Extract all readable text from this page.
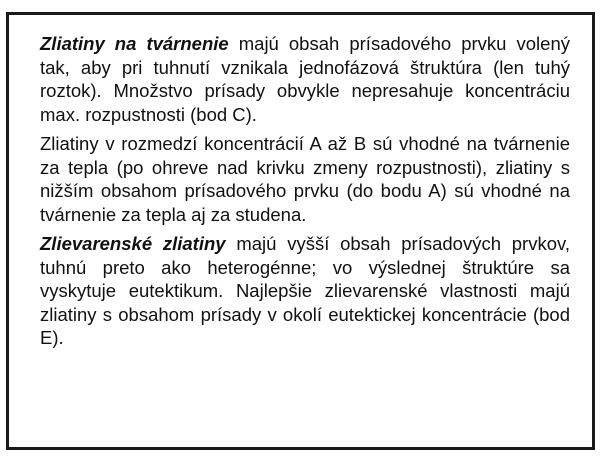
Zliatiny na tvárnenie majú obsah prísadového prvku volený tak, aby pri tuhnutí vznikala jednofázová štruktúra (len tuhý roztok). Množstvo prísady obvykle nepresahuje koncentráciu max. rozpustnosti (bod C).

Zliatiny v rozmedzí koncentrácií A až B sú vhodné na tvárnenie za tepla (po ohreve nad krivku zmeny rozpustnosti), zliatiny s nižším obsahom prísadového prvku (do bodu A) sú vhodné na tvárnenie za tepla aj za studena.

Zlievarenské zliatiny majú vyšší obsah prísadových prvkov, tuhnú preto ako heterogénne; vo výslednej štruktúre sa vyskytuje eutektikum. Najlepšie zlievarenské vlastnosti majú zliatiny s obsahom prísady v okolí eutektickej koncentrácie (bod E).
